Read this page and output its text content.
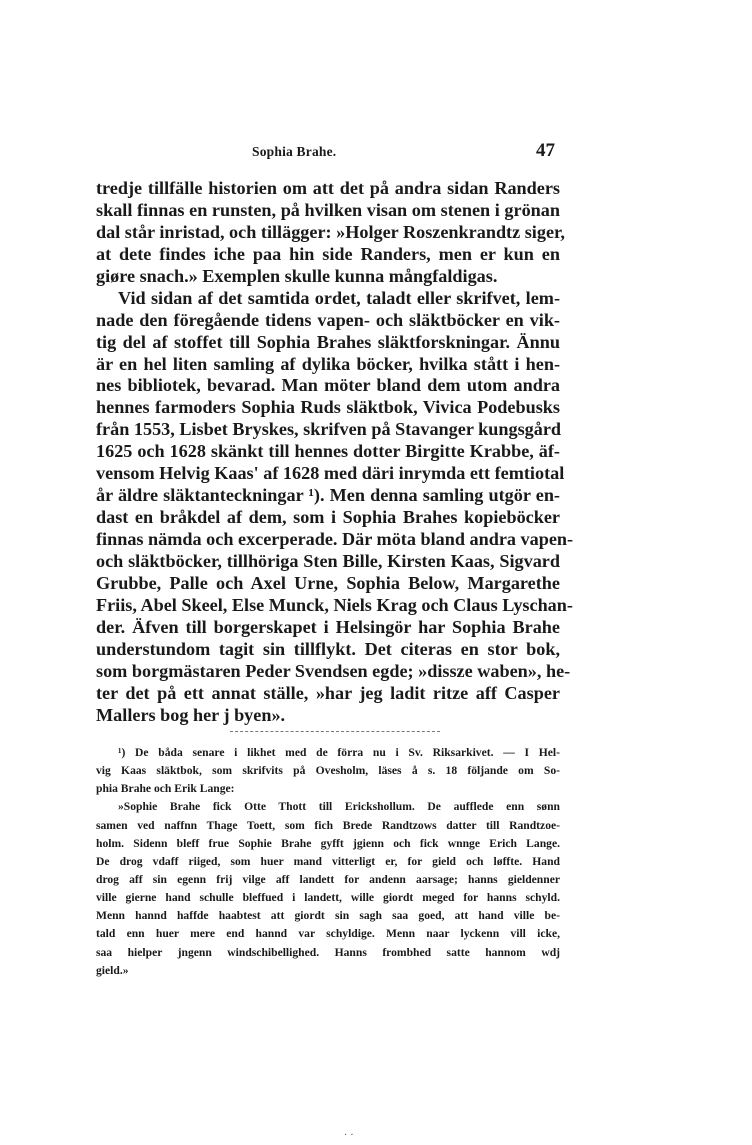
Sophia Brahe.	47
tredje tillfälle historien om att det på andra sidan Randers
skall finnas en runsten, på hvilken visan om stenen i grönan
dal står inristad, och tillägger: »Holger Roszenkrandtz siger,
at dete findes iche paa hin side Randers, men er kun en
giøre snach.» Exemplen skulle kunna mångfaldigas.
Vid sidan af det samtida ordet, taladt eller skrifvet, lem-
nade den föregående tidens vapen- och släktböcker en vik-
tig del af stoffet till Sophia Brahes släktforskningar. Ännu
är en hel liten samling af dylika böcker, hvilka stått i hen-
nes bibliotek, bevarad. Man möter bland dem utom andra
hennes farmoders Sophia Ruds släktbok, Vivica Podebusks
från 1553, Lisbet Bryskes, skrifven på Stavanger kungsgård
1625 och 1628 skänkt till hennes dotter Birgitte Krabbe, äf-
vensom Helvig Kaas' af 1628 med däri inrymda ett femtiotal
år äldre släktanteckningar ¹). Men denna samling utgör en-
dast en bråkdel af dem, som i Sophia Brahes kopieböcker
finnas nämda och excerperade. Där möta bland andra vapen-
och släktböcker, tillhöriga Sten Bille, Kirsten Kaas, Sigvard
Grubbe, Palle och Axel Urne, Sophia Below, Margarethe
Friis, Abel Skeel, Else Munck, Niels Krag och Claus Lyschan-
der. Äfven till borgerskapet i Helsingör har Sophia Brahe
understundom tagit sin tillflykt. Det citeras en stor bok,
som borgmästaren Peder Svendsen egde; »dissze waben», he-
ter det på ett annat ställe, »har jeg ladit ritze aff Casper
Mallers bog her j byen».
¹) De båda senare i likhet med de förra nu i Sv. Riksarkivet. — I Hel-
vig Kaas släktbok, som skrifvits på Ovesholm, läses å s. 18 följande om So-
phia Brahe och Erik Lange:
»Sophie Brahe fick Otte Thott till Erickshollum. De aufflede enn sønn
samen ved naffnn Thage Toett, som fich Brede Randtzows datter till Randtzoe-
holm. Sidenn bleff frue Sophie Brahe gyfft jgienn och fick wnnge Erich Lange.
De drog vdaff riiged, som huer mand vitterligt er, for gield och løffte. Hand
drog aff sin egenn frij vilge aff landett for andenn aarsage; hanns gieldenner
ville gierne hand schulle bleffued i landett, wille giordt meged for hanns schyld.
Menn hannd haffde haabtest att giordt sin sagh saa goed, att hand ville be-
tald enn huer mere end hannd var schyldige. Menn naar lyckenn vill icke,
saa hielper jngenn windschibellighed. Hanns frombhed satte hannom wdj
gield.»
· ·
